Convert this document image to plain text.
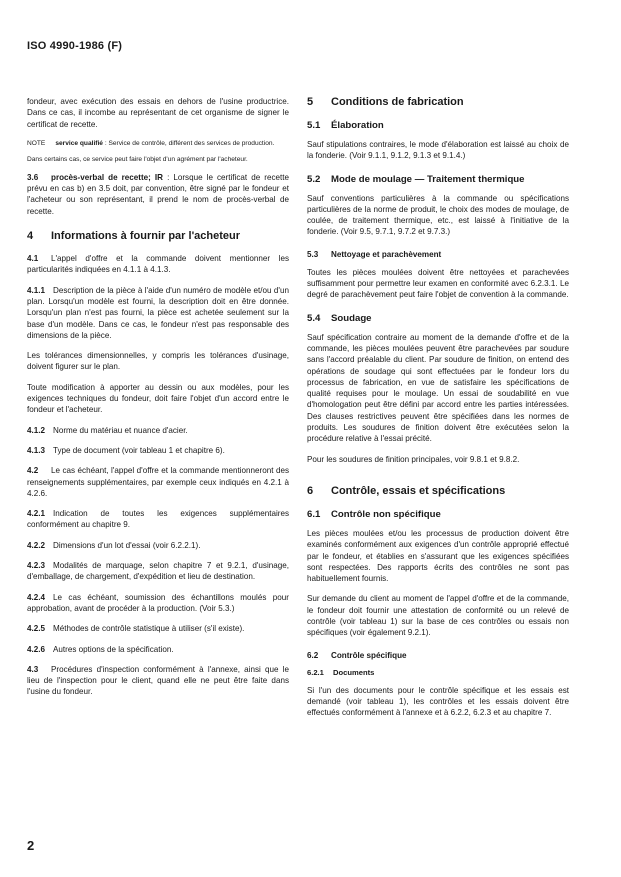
ISO 4990-1986 (F)

fondeur, avec exécution des essais en dehors de l'usine productrice. Dans ce cas, il incombe au représentant de cet organisme de signer le certificat de recette.

NOTE service qualifié : Service de contrôle, différent des services de production.

Dans certains cas, ce service peut faire l'objet d'un agrément par l'acheteur.

3.6 procès-verbal de recette; IR : Lorsque le certificat de recette prévu en cas b) en 3.5 doit, par convention, être signé par le fondeur et l'acheteur ou son représentant, il prend le nom de procès-verbal de recette.

4 Informations à fournir par l'acheteur

4.1 L'appel d'offre et la commande doivent mentionner les particularités indiquées en 4.1.1 à 4.1.3.

4.1.1 Description de la pièce à l'aide d'un numéro de modèle et/ou d'un plan. Lorsqu'un modèle est fourni, la description doit en être donnée. Lorsqu'un plan n'est pas fourni, la pièce est achetée seulement sur la base d'un modèle. Dans ce cas, le fondeur n'est pas responsable des dimensions de la pièce.

Les tolérances dimensionnelles, y compris les tolérances d'usinage, doivent figurer sur le plan.

Toute modification à apporter au dessin ou aux modèles, pour les exigences techniques du fondeur, doit faire l'objet d'un accord entre le fondeur et l'acheteur.

4.1.2 Norme du matériau et nuance d'acier.

4.1.3 Type de document (voir tableau 1 et chapitre 6).

4.2 Le cas échéant, l'appel d'offre et la commande mentionneront des renseignements supplémentaires, par exemple ceux indiqués en 4.2.1 à 4.2.6.

4.2.1 Indication de toutes les exigences supplémentaires conformément au chapitre 9.

4.2.2 Dimensions d'un lot d'essai (voir 6.2.2.1).

4.2.3 Modalités de marquage, selon chapitre 7 et 9.2.1, d'usinage, d'emballage, de chargement, d'expédition et lieu de destination.

4.2.4 Le cas échéant, soumission des échantillons moulés pour approbation, avant de procéder à la production. (Voir 5.3.)

4.2.5 Méthodes de contrôle statistique à utiliser (s'il existe).

4.2.6 Autres options de la spécification.

4.3 Procédures d'inspection conformément à l'annexe, ainsi que le lieu de l'inspection pour le client, quand elle ne peut être faite dans l'usine du fondeur.

5 Conditions de fabrication
5.1 Élaboration

Sauf stipulations contraires, le mode d'élaboration est laissé au choix de la fonderie. (Voir 9.1.1, 9.1.2, 9.1.3 et 9.1.4.)

5.2 Mode de moulage — Traitement thermique

Sauf conventions particulières à la commande ou spécifications particulières de la norme de produit, le choix des modes de moulage, de coulée, de traitement thermique, etc., est laissé à l'initiative de la fonderie. (Voir 9.5, 9.7.1, 9.7.2 et 9.7.3.)

5.3 Nettoyage et parachèvement

Toutes les pièces moulées doivent être nettoyées et parachevées suffisamment pour permettre leur examen en conformité avec 6.2.3.1. Le degré de parachèvement peut faire l'objet de convention à la commande.

5.4 Soudage

Sauf spécification contraire au moment de la demande d'offre et de la commande, les pièces moulées peuvent être parachevées par soudure sans l'accord préalable du client. Par soudure de finition, on entend des opérations de soudage qui sont effectuées par le fondeur lors du processus de fabrication, en vue de satisfaire les spécifications de qualité requises pour le moulage. Un essai de soudabilité en vue d'homologation peut être défini par accord entre les parties intéressées. Des clauses restrictives peuvent être spécifiées dans les normes de produits. Les soudures de finition doivent être exécutées selon la procédure relative à l'essai précité.

Pour les soudures de finition principales, voir 9.8.1 et 9.8.2.

6 Contrôle, essais et spécifications
6.1 Contrôle non spécifique

Les pièces moulées et/ou les processus de production doivent être examinés conformément aux exigences d'un contrôle approprié effectué par le fondeur, et établies en s'assurant que les exigences spécifiées sont respectées. Des rapports écrits des contrôles ne sont pas habituellement fournis.

Sur demande du client au moment de l'appel d'offre et de la commande, le fondeur doit fournir une attestation de conformité ou un relevé de contrôle (voir tableau 1) sur la base de ces contrôles ou essais non spécifiques (voir également 9.2.1).

6.2 Contrôle spécifique
6.2.1 Documents

Si l'un des documents pour le contrôle spécifique et les essais est demandé (voir tableau 1), les contrôles et les essais doivent être effectués conformément à l'annexe et à 6.2.2, 6.2.3 et au chapitre 7.

2
